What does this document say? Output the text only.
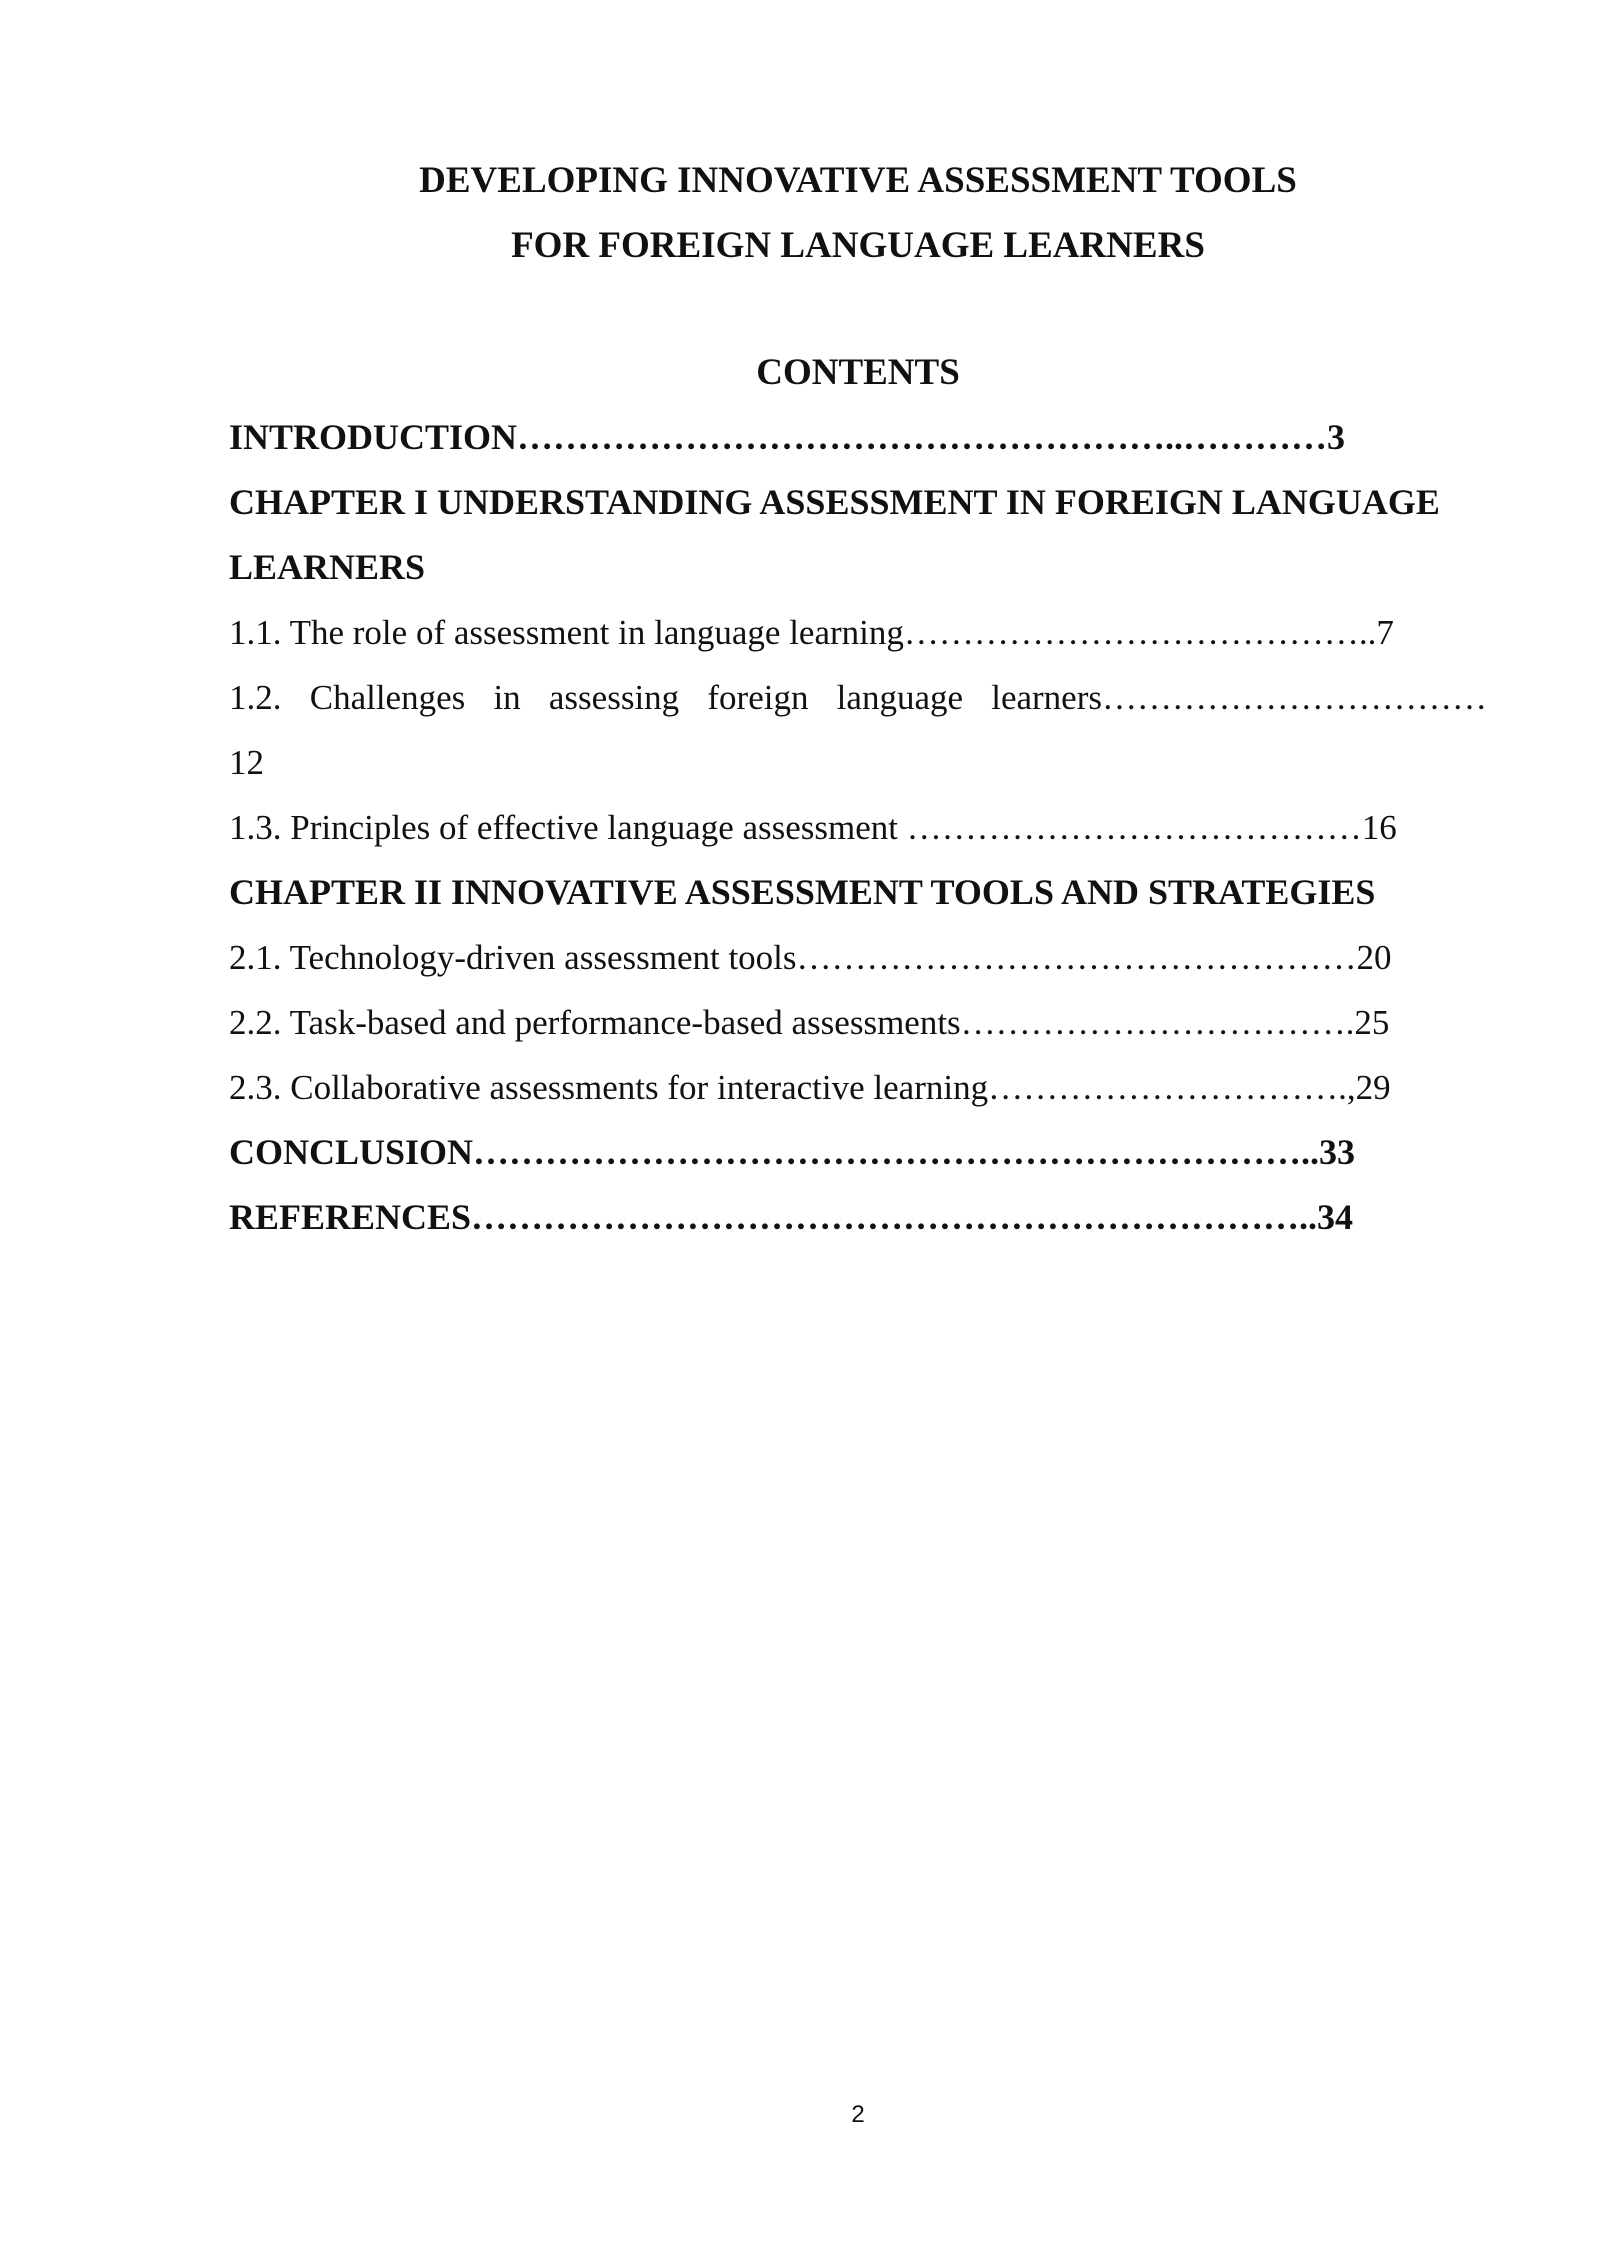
DEVELOPING INNOVATIVE ASSESSMENT TOOLS
FOR FOREIGN LANGUAGE LEARNERS
CONTENTS
INTRODUCTION………………………………………………..…………3
CHAPTER I UNDERSTANDING ASSESSMENT IN FOREIGN LANGUAGE
LEARNERS
1.1. The role of assessment in language learning…………………………………..7
1.2. Challenges in assessing foreign language learners……………………………
12
1.3. Principles of effective language assessment …………………………………16
CHAPTER II INNOVATIVE ASSESSMENT TOOLS AND STRATEGIES
2.1. Technology-driven assessment tools…………………………………………20
2.2. Task-based and performance-based assessments…………………………….25
2.3. Collaborative assessments for interactive learning………………………….,29
CONCLUSION……………………………………………………………..33
REFERENCES……………………………………………………………..34
2
